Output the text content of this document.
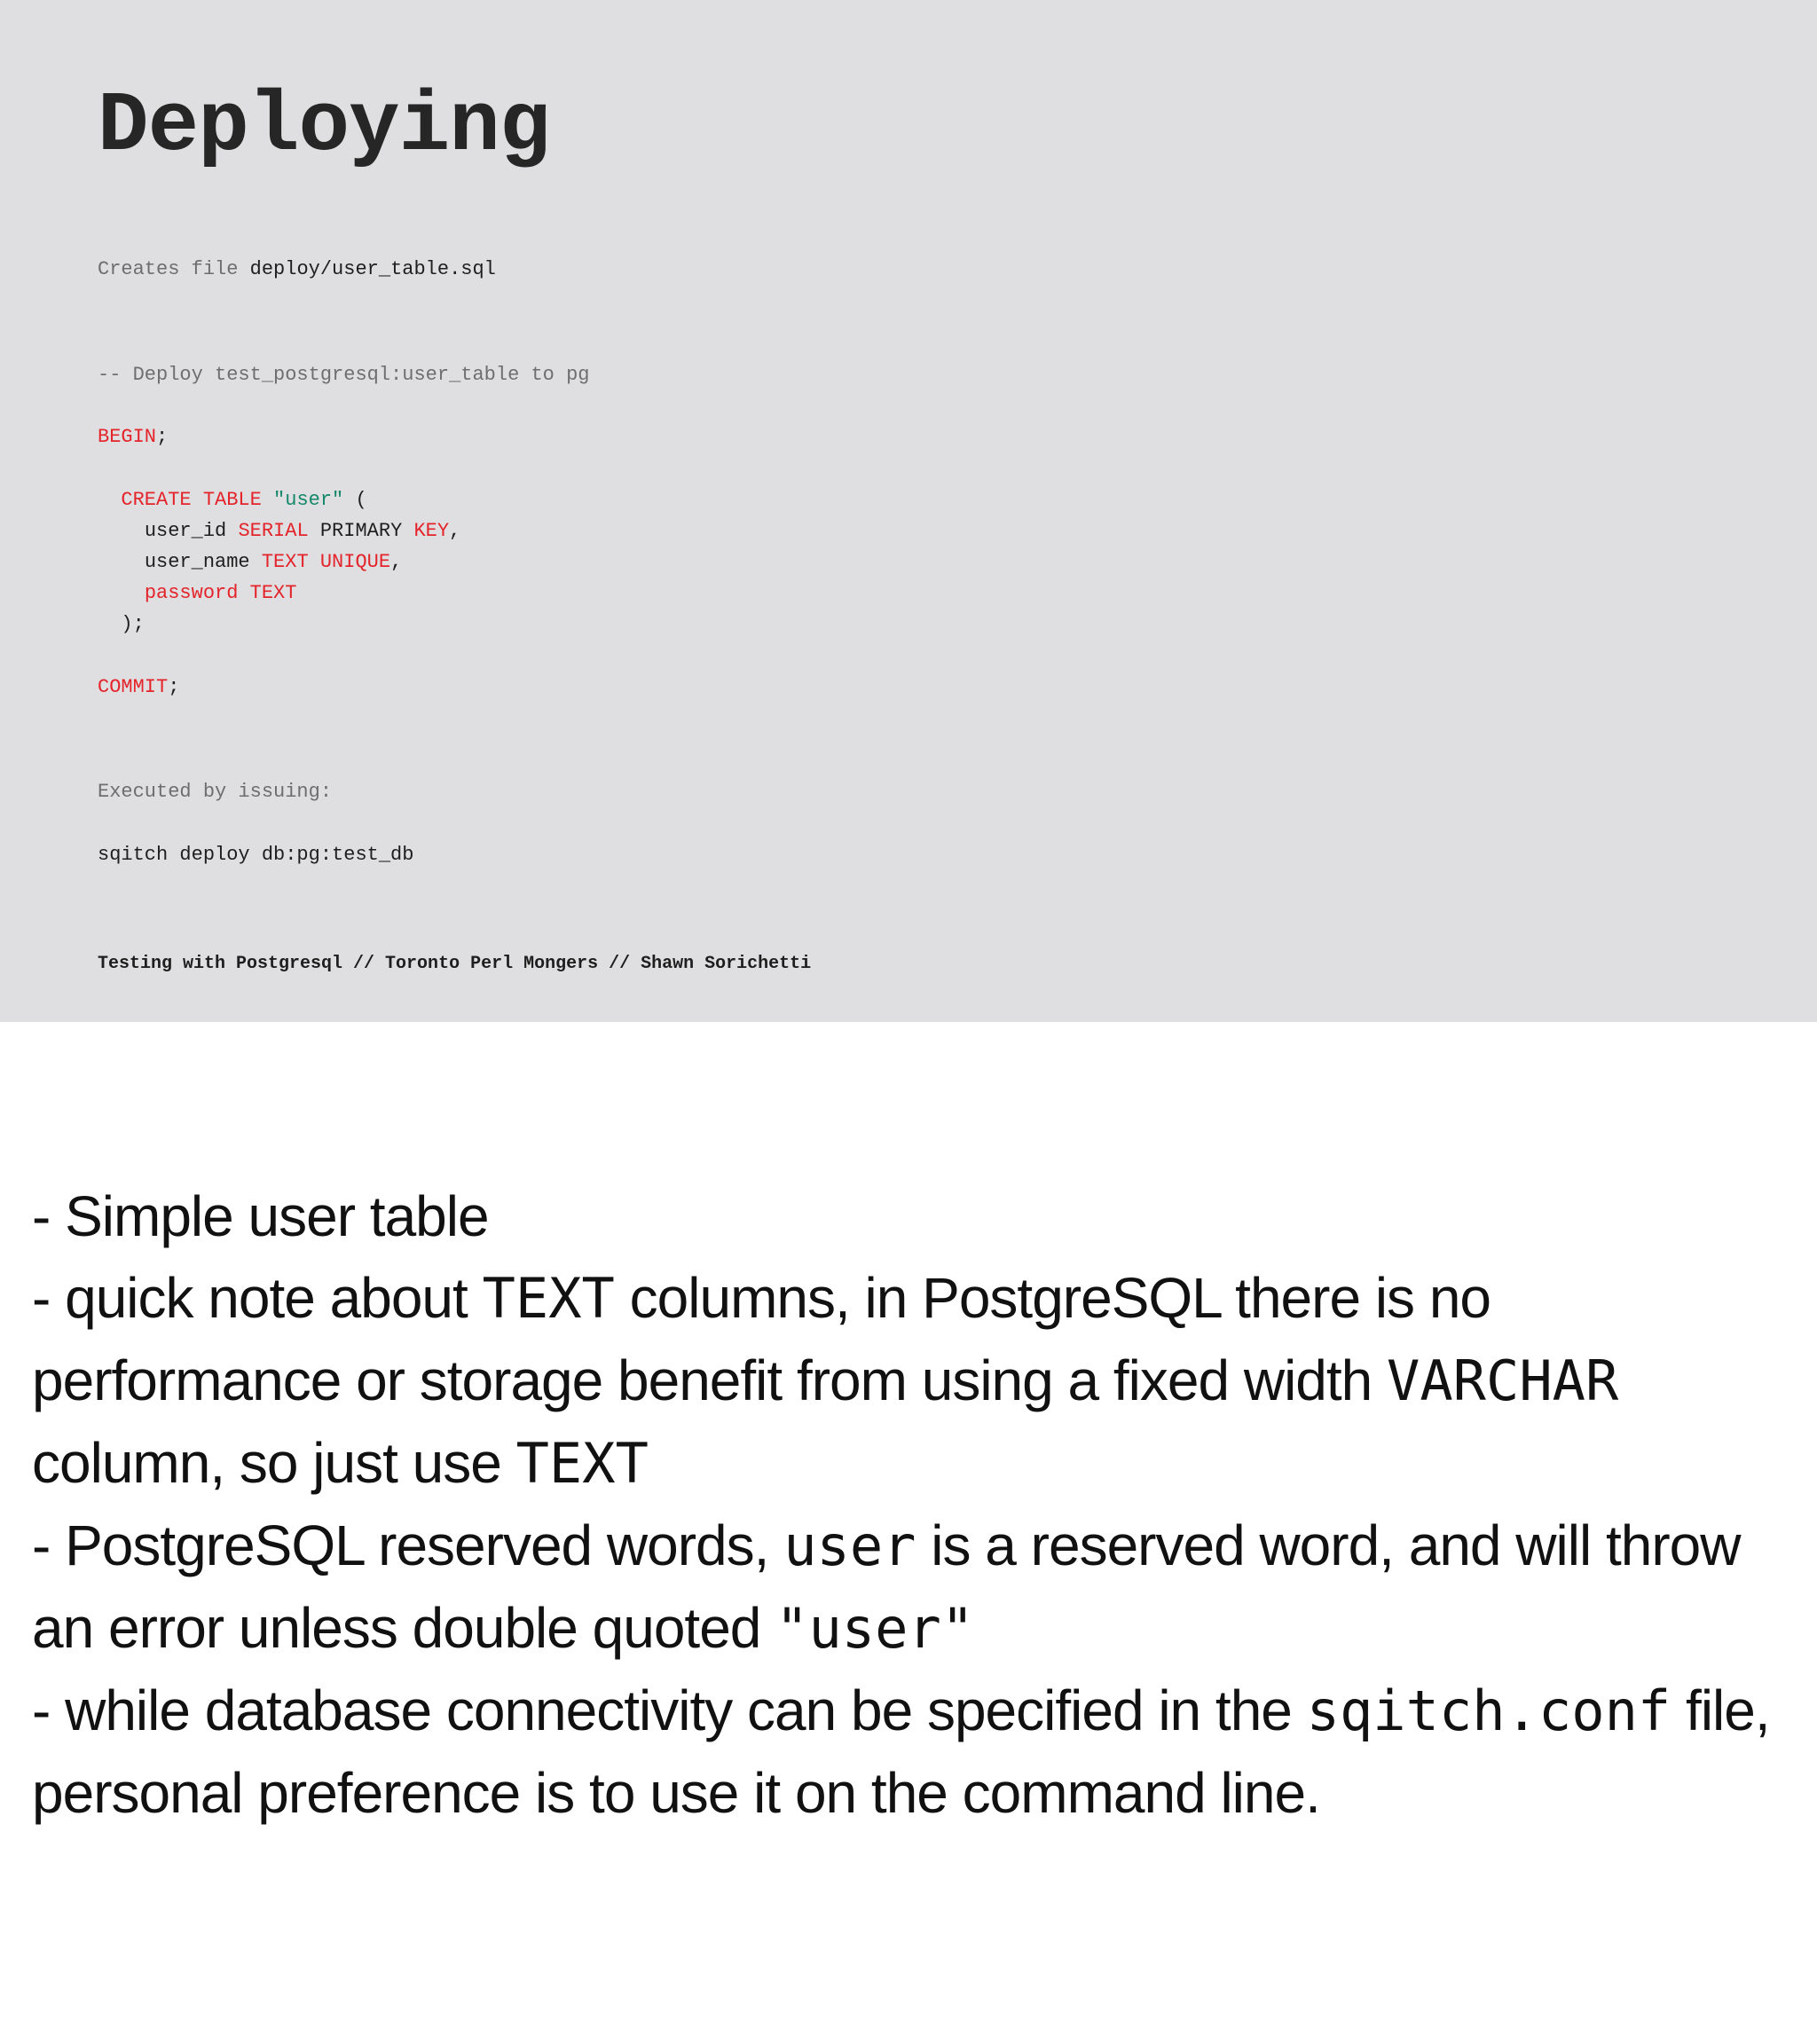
Deploying
Creates file deploy/user_table.sql
-- Deploy test_postgresql:user_table to pg
BEGIN;
CREATE TABLE "user" (
user_id SERIAL PRIMARY KEY,
user_name TEXT UNIQUE,
password TEXT
);
COMMIT;
Executed by issuing:
sqitch deploy db:pg:test_db
Testing with Postgresql // Toronto Perl Mongers // Shawn Sorichetti

- Simple user table

- quick note about TEXT columns, in PostgreSQL there is no performance or storage benefit from using a fixed width VARCHAR column, so just use TEXT

- PostgreSQL reserved words, user is a reserved word, and will throw an error unless double quoted "user"

- while database connectivity can be specified in the sqitch.conf file, personal preference is to use it on the command line.
